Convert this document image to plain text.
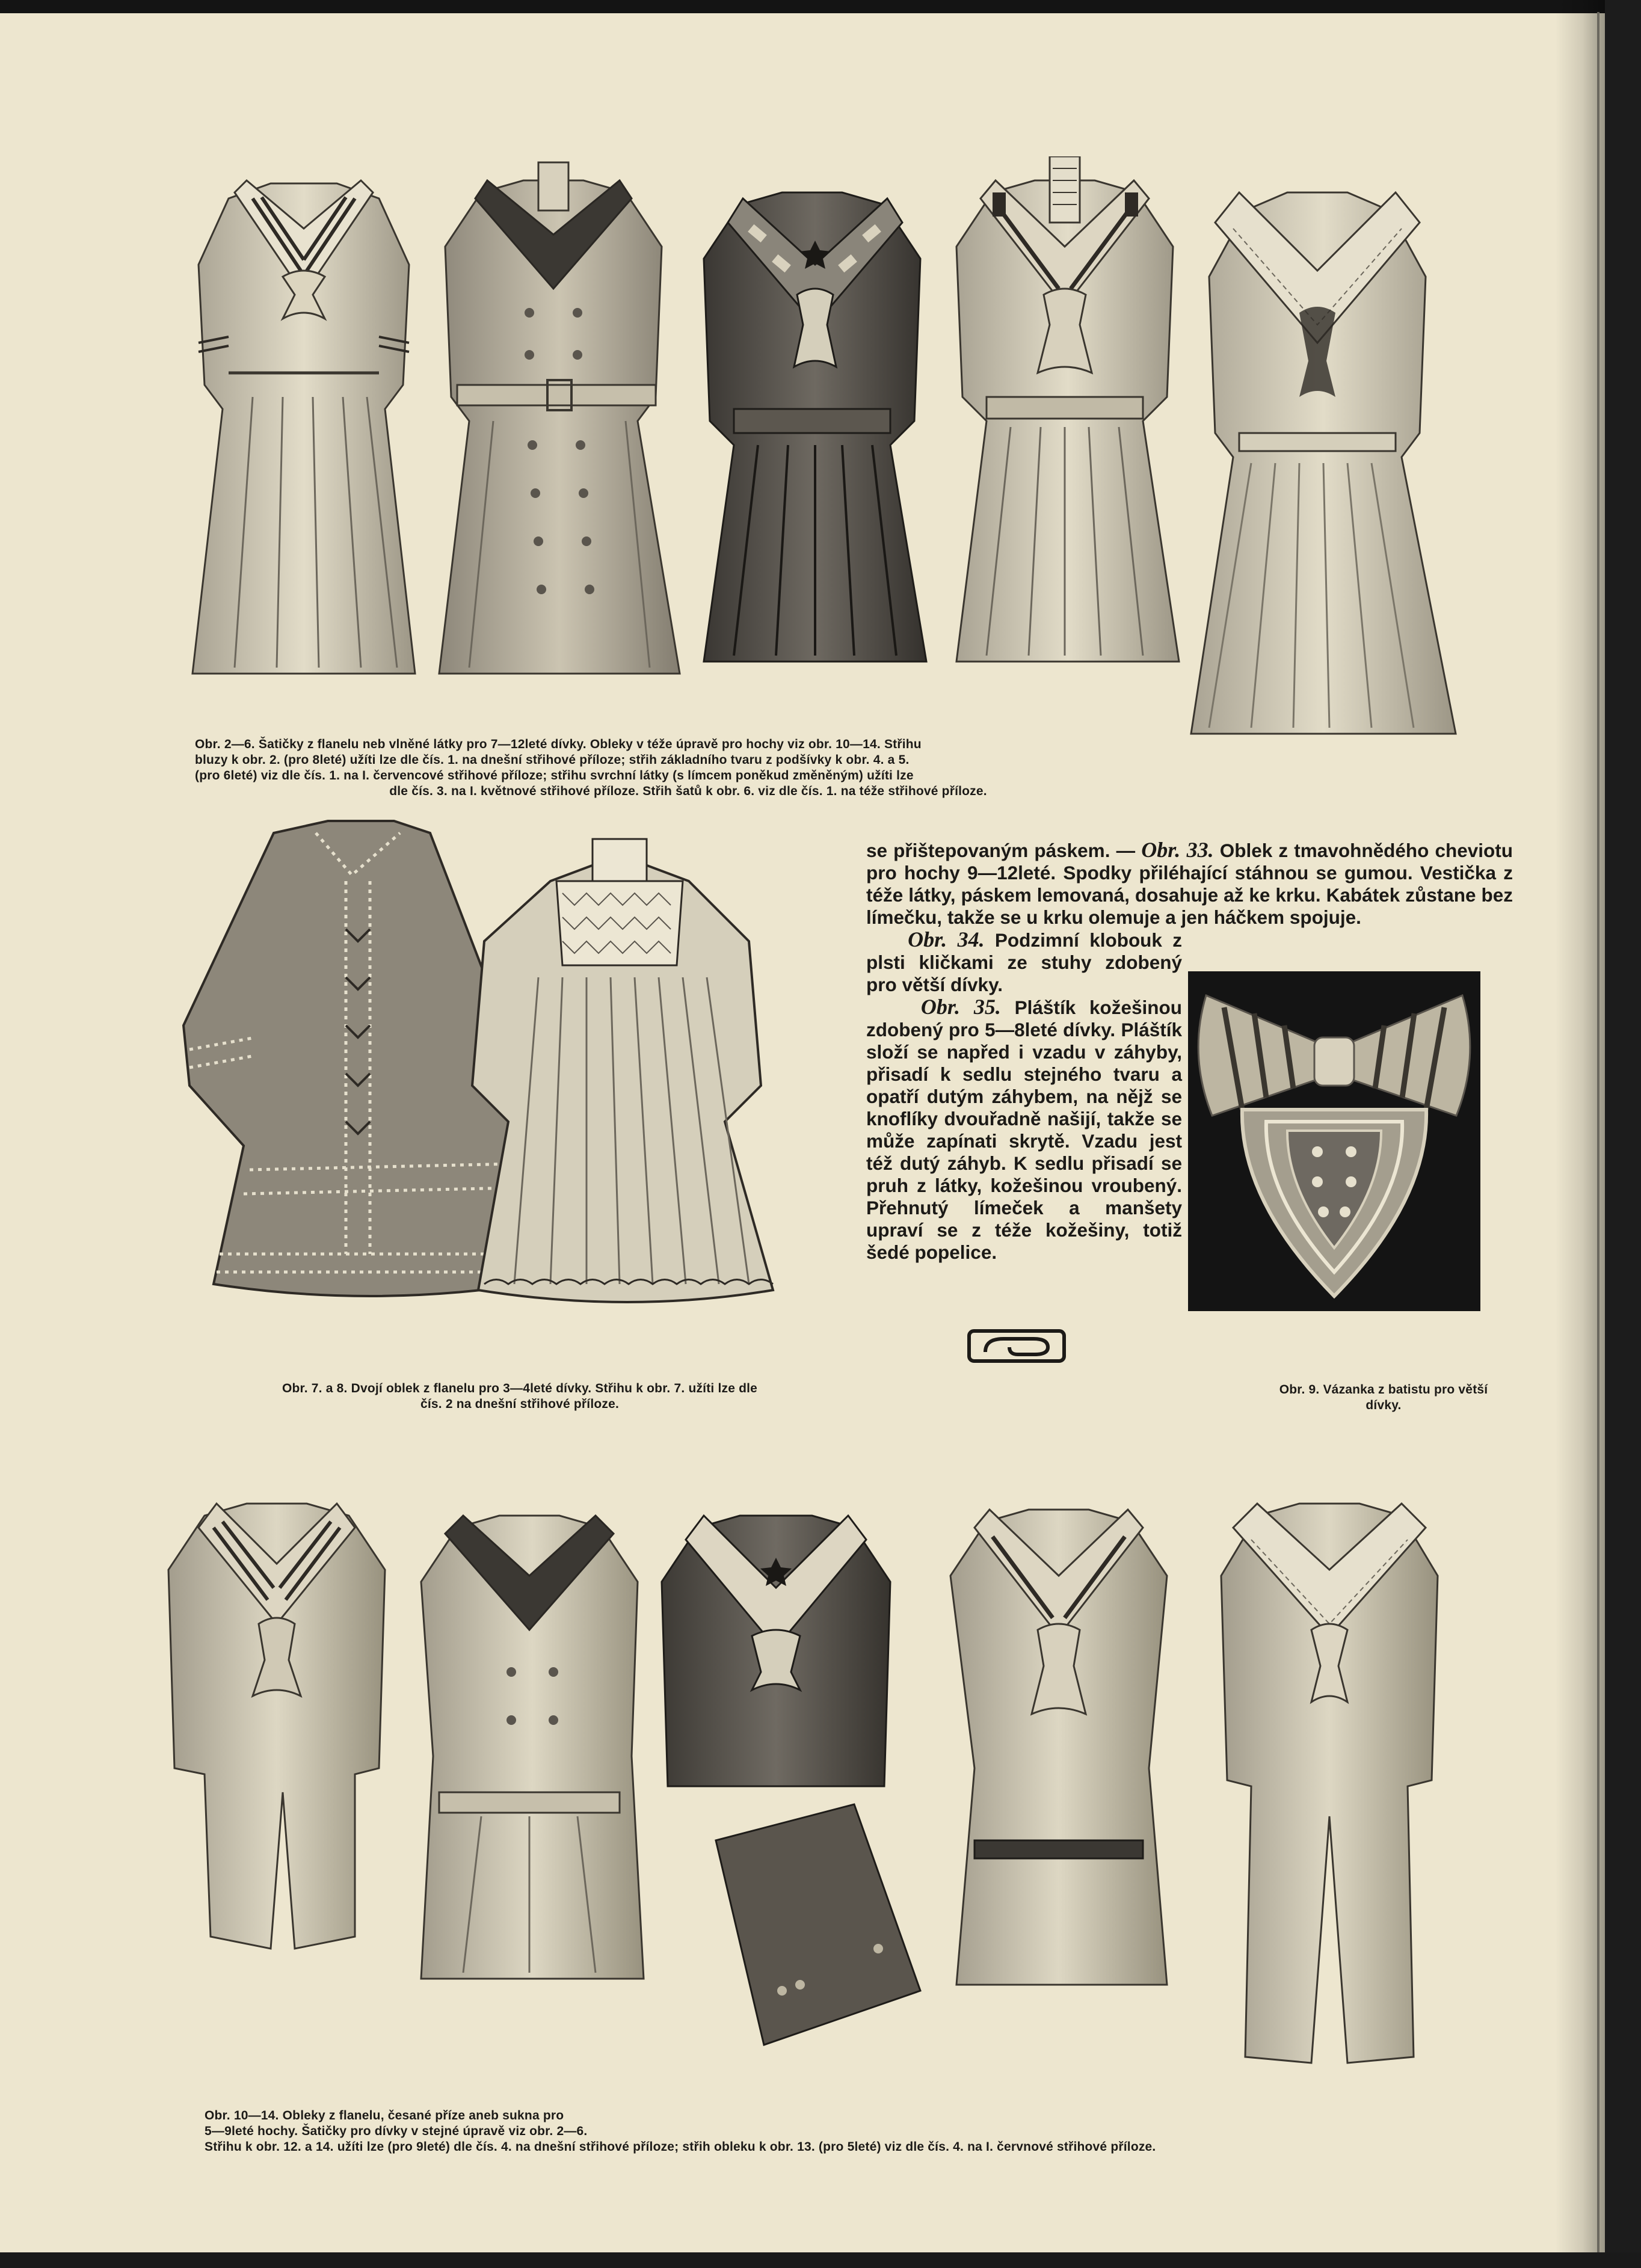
Obr. 2—6. Šatičky z flanelu neb vlněné látky pro 7—12leté dívky. Obleky v téže úpravě pro hochy viz obr. 10—14. Střihu
bluzy k obr. 2. (pro 8leté) užíti lze dle čís. 1. na dnešní střihové příloze; střih základního tvaru z podšívky k obr. 4. a 5.
(pro 6leté) viz dle čís. 1. na I. červencové střihové příloze; střihu svrchní látky (s límcem poněkud změněným) užíti lze
dle čís. 3. na I. květnové střihové příloze. Střih šatů k obr. 6. viz dle čís. 1. na téže střihové příloze.
Obr. 7. a 8. Dvojí oblek z flanelu pro 3—4leté dívky. Střihu k obr. 7. užíti lze dle
čís. 2 na dnešní střihové příloze.

se přištepovaným páskem. — Obr. 33. Oblek z tmavohnědého cheviotu pro hochy 9—12leté. Spodky přiléhající stáhnou se gumou. Vestička z téže látky, páskem lemovaná, dosahuje až ke krku. Kabátek zůstane bez límečku, takže se u krku olemuje a jen háčkem spojuje.

Obr. 34. Podzimní klobouk z plsti kličkami ze stuhy zdobený pro větší dívky.

Obr. 35. Pláštík kožešinou zdobený pro 5—8leté dívky. Pláštík složí se napřed i vzadu v záhyby, přisadí k sedlu stejného tvaru a opatří dutým záhybem, na nějž se knoflíky dvouřadně našijí, takže se může zapínati skrytě. Vzadu jest též dutý záhyb. K sedlu přisadí se pruh z látky, kožešinou vroubený. Přehnutý límeček a manšety upraví se z téže kožešiny, totiž šedé popelice.

Obr. 9. Vázanka z batistu pro větší
dívky.
Obr. 10—14. Obleky z flanelu, česané příze aneb sukna pro
5—9leté hochy. Šatičky pro dívky v stejné úpravě viz obr. 2—6.
Střihu k obr. 12. a 14. užíti lze (pro 9leté) dle čís. 4. na dnešní střihové příloze; střih obleku k obr. 13. (pro 5leté) viz dle čís. 4. na I. červnové střihové příloze.
